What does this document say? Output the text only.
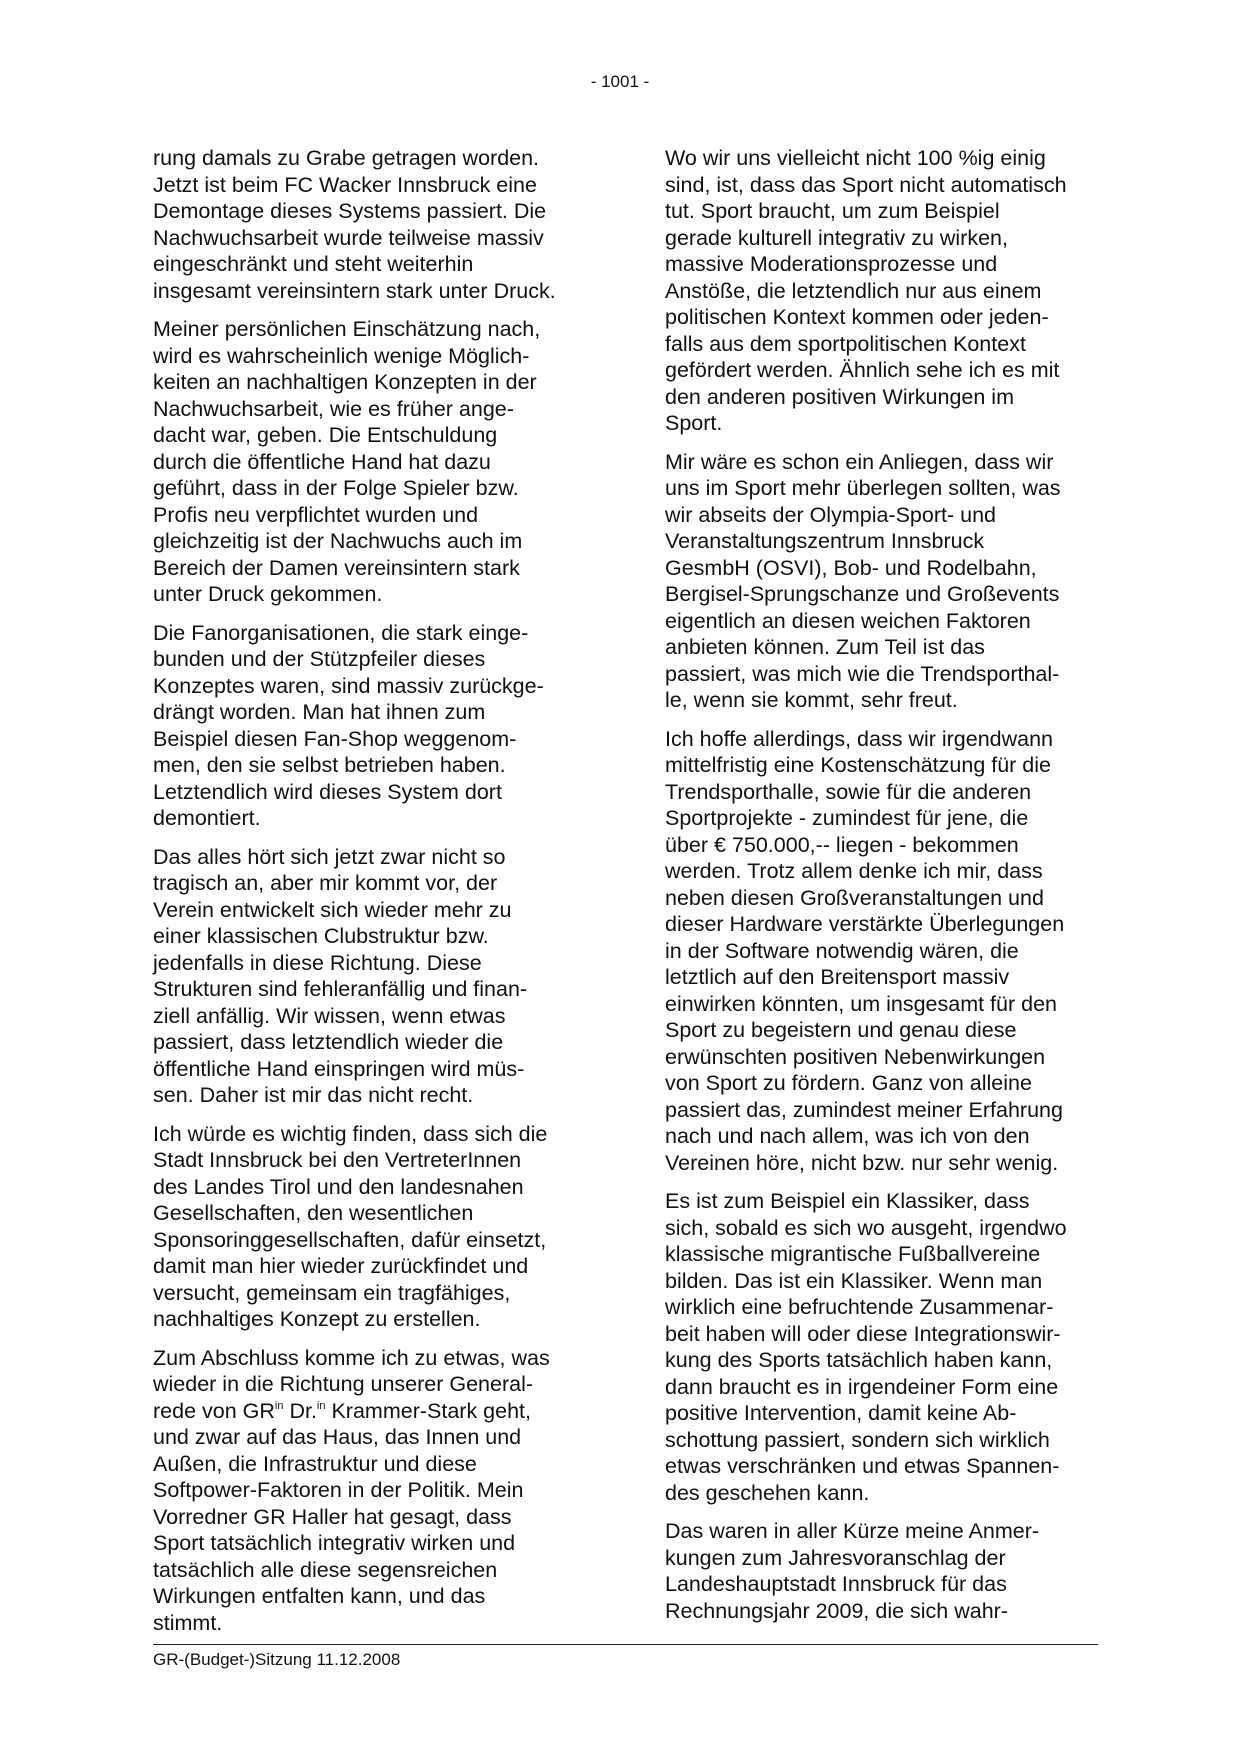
- 1001 -

rung damals zu Grabe getragen worden.
Jetzt ist beim FC Wacker Innsbruck eine
Demontage dieses Systems passiert. Die
Nachwuchsarbeit wurde teilweise massiv
eingeschränkt und steht weiterhin
insgesamt vereinsintern stark unter Druck.

Meiner persönlichen Einschätzung nach,
wird es wahrscheinlich wenige Möglich-
keiten an nachhaltigen Konzepten in der
Nachwuchsarbeit, wie es früher ange-
dacht war, geben. Die Entschuldung
durch die öffentliche Hand hat dazu
geführt, dass in der Folge Spieler bzw.
Profis neu verpflichtet wurden und
gleichzeitig ist der Nachwuchs auch im
Bereich der Damen vereinsintern stark
unter Druck gekommen.

Die Fanorganisationen, die stark einge-
bunden und der Stützpfeiler dieses
Konzeptes waren, sind massiv zurückge-
drängt worden. Man hat ihnen zum
Beispiel diesen Fan-Shop weggenom-
men, den sie selbst betrieben haben.
Letztendlich wird dieses System dort
demontiert.

Das alles hört sich jetzt zwar nicht so
tragisch an, aber mir kommt vor, der
Verein entwickelt sich wieder mehr zu
einer klassischen Clubstruktur bzw.
jedenfalls in diese Richtung. Diese
Strukturen sind fehleranfällig und finan-
ziell anfällig. Wir wissen, wenn etwas
passiert, dass letztendlich wieder die
öffentliche Hand einspringen wird müs-
sen. Daher ist mir das nicht recht.

Ich würde es wichtig finden, dass sich die
Stadt Innsbruck bei den VertreterInnen
des Landes Tirol und den landesnahen
Gesellschaften, den wesentlichen
Sponsoringgesellschaften, dafür einsetzt,
damit man hier wieder zurückfindet und
versucht, gemeinsam ein tragfähiges,
nachhaltiges Konzept zu erstellen.

Zum Abschluss komme ich zu etwas, was
wieder in die Richtung unserer General-
rede von $GR^{in}$ Dr.$^{in}$ Krammer-Stark geht,
und zwar auf das Haus, das Innen und
Außen, die Infrastruktur und diese
Softpower-Faktoren in der Politik. Mein
Vorredner GR Haller hat gesagt, dass
Sport tatsächlich integrativ wirken und
tatsächlich alle diese segensreichen
Wirkungen entfalten kann, und das
stimmt.

Wo wir uns vielleicht nicht 100 %ig einig
sind, ist, dass das Sport nicht automatisch
tut. Sport braucht, um zum Beispiel
gerade kulturell integrativ zu wirken,
massive Moderationsprozesse und
Anstöße, die letztendlich nur aus einem
politischen Kontext kommen oder jeden-
falls aus dem sportpolitischen Kontext
gefördert werden. Ähnlich sehe ich es mit
den anderen positiven Wirkungen im
Sport.

Mir wäre es schon ein Anliegen, dass wir
uns im Sport mehr überlegen sollten, was
wir abseits der Olympia-Sport- und
Veranstaltungszentrum Innsbruck
GesmbH (OSVI), Bob- und Rodelbahn,
Bergisel-Sprungschanze und Großevents
eigentlich an diesen weichen Faktoren
anbieten können. Zum Teil ist das
passiert, was mich wie die Trendsporthal-
le, wenn sie kommt, sehr freut.

Ich hoffe allerdings, dass wir irgendwann
mittelfristig eine Kostenschätzung für die
Trendsporthalle, sowie für die anderen
Sportprojekte - zumindest für jene, die
über € 750.000,-- liegen - bekommen
werden. Trotz allem denke ich mir, dass
neben diesen Großveranstaltungen und
dieser Hardware verstärkte Überlegungen
in der Software notwendig wären, die
letztlich auf den Breitensport massiv
einwirken könnten, um insgesamt für den
Sport zu begeistern und genau diese
erwünschten positiven Nebenwirkungen
von Sport zu fördern. Ganz von alleine
passiert das, zumindest meiner Erfahrung
nach und nach allem, was ich von den
Vereinen höre, nicht bzw. nur sehr wenig.

Es ist zum Beispiel ein Klassiker, dass
sich, sobald es sich wo ausgeht, irgendwo
klassische migrantische Fußballvereine
bilden. Das ist ein Klassiker. Wenn man
wirklich eine befruchtende Zusammenar-
beit haben will oder diese Integrationswir-
kung des Sports tatsächlich haben kann,
dann braucht es in irgendeiner Form eine
positive Intervention, damit keine Ab-
schottung passiert, sondern sich wirklich
etwas verschränken und etwas Spannen-
des geschehen kann.

Das waren in aller Kürze meine Anmer-
kungen zum Jahresvoranschlag der
Landeshauptstadt Innsbruck für das
Rechnungsjahr 2009, die sich wahr-

GR-(Budget-)Sitzung 11.12.2008
